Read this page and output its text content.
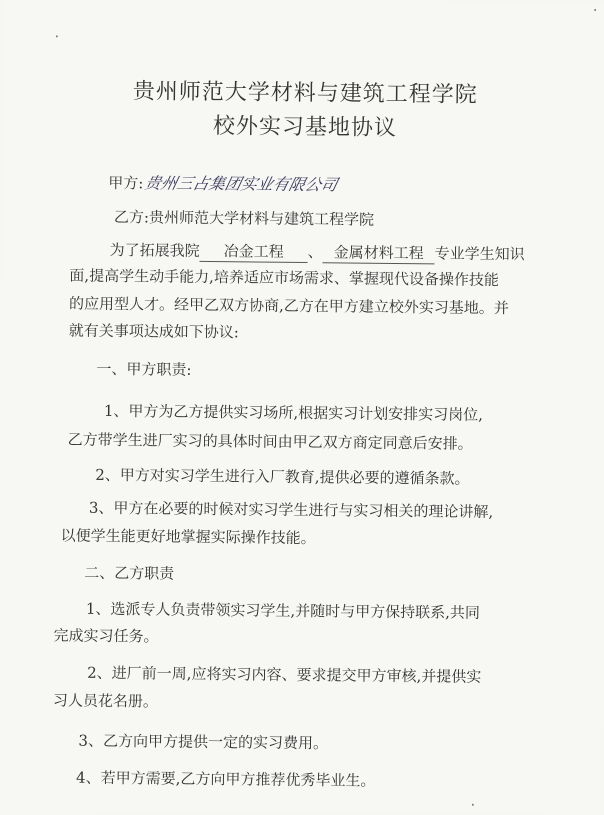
贵州师范大学材料与建筑工程学院
校外实习基地协议
甲方:贵州三占集团实业有限公司
乙方:贵州师范大学材料与建筑工程学院
为了拓展我院 冶金工程 、 金属材料工程 专业学生知识
面,提高学生动手能力,培养适应市场需求、掌握现代设备操作技能
的应用型人才。经甲乙双方协商,乙方在甲方建立校外实习基地。并
就有关事项达成如下协议:
一、甲方职责:
1、甲方为乙方提供实习场所,根据实习计划安排实习岗位,
乙方带学生进厂实习的具体时间由甲乙双方商定同意后安排。
2、甲方对实习学生进行入厂教育,提供必要的遵循条款。
3、甲方在必要的时候对实习学生进行与实习相关的理论讲解,
以便学生能更好地掌握实际操作技能。
二、乙方职责
1、选派专人负责带领实习学生,并随时与甲方保持联系,共同
完成实习任务。
2、进厂前一周,应将实习内容、要求提交甲方审核,并提供实
习人员花名册。
3、乙方向甲方提供一定的实习费用。
4、若甲方需要,乙方向甲方推荐优秀毕业生。
